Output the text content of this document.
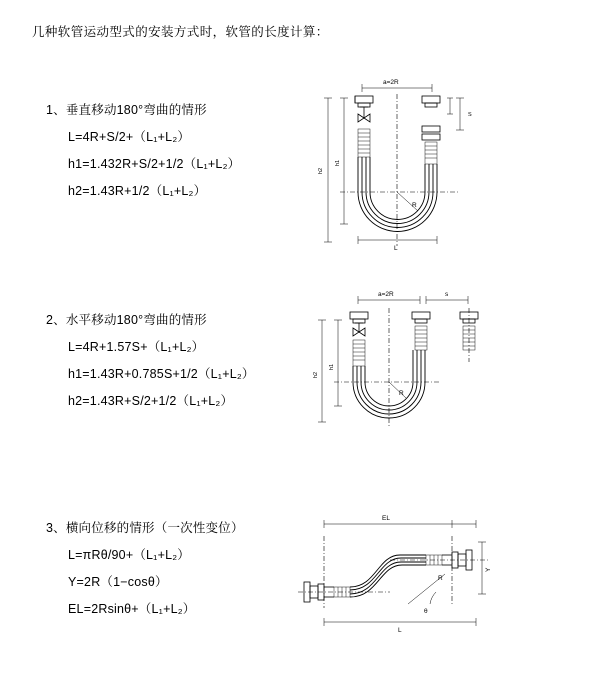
几种软管运动型式的安装方式时，软管的长度计算：
1、垂直移动180°弯曲的情形
L=4R+S/2+（L₁+L₂）
h1=1.432R+S/2+1/2（L₁+L₂）
h2=1.43R+1/2（L₁+L₂）
h2
h1
a=2R
S
R
L
2、水平移动180°弯曲的情形
L=4R+1.57S+（L₁+L₂）
h1=1.43R+0.785S+1/2（L₁+L₂）
h2=1.43R+S/2+1/2（L₁+L₂）
h2
h1
a=2R	s
R
3、横向位移的情形（一次性变位）
L=πRθ/90+（L₁+L₂）
Y=2R（1−cosθ）
EL=2Rsinθ+（L₁+L₂）
EL
Y
θ
R
L
